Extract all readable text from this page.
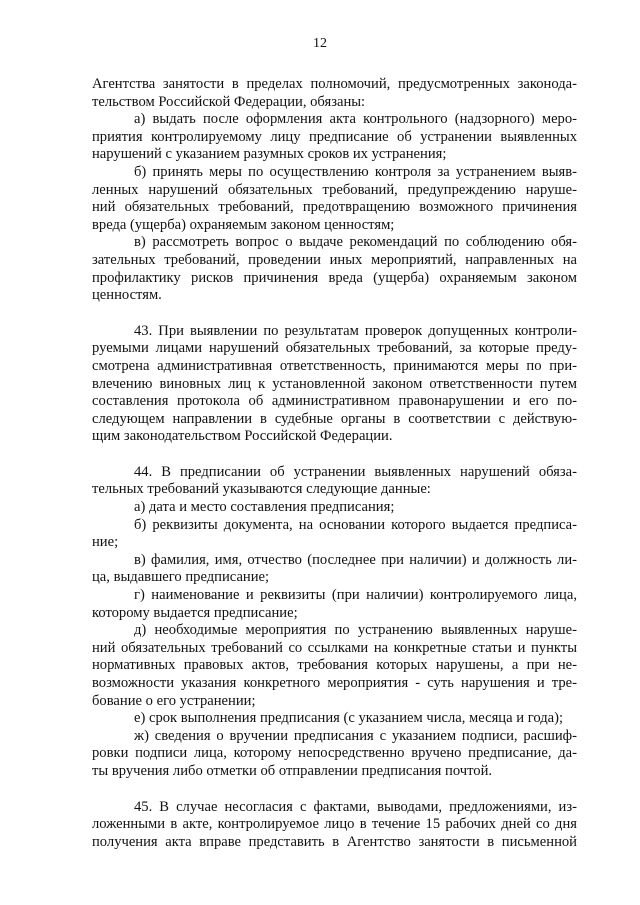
12
Агентства занятости в пределах полномочий, предусмотренных законода-
тельством Российской Федерации, обязаны:
а) выдать после оформления акта контрольного (надзорного) меро-
приятия контролируемому лицу предписание об устранении выявленных
нарушений с указанием разумных сроков их устранения;
б) принять меры по осуществлению контроля за устранением выяв-
ленных нарушений обязательных требований, предупреждению наруше-
ний обязательных требований, предотвращению возможного причинения
вреда (ущерба) охраняемым законом ценностям;
в) рассмотреть вопрос о выдаче рекомендаций по соблюдению обя-
зательных требований, проведении иных мероприятий, направленных на
профилактику рисков причинения вреда (ущерба) охраняемым законом
ценностям.
43. При выявлении по результатам проверок допущенных контроли-
руемыми лицами нарушений обязательных требований, за которые преду-
смотрена административная ответственность, принимаются меры по при-
влечению виновных лиц к установленной законом ответственности путем
составления протокола об административном правонарушении и его по-
следующем направлении в судебные органы в соответствии с действую-
щим законодательством Российской Федерации.
44. В предписании об устранении выявленных нарушений обяза-
тельных требований указываются следующие данные:
а) дата и место составления предписания;
б) реквизиты документа, на основании которого выдается предписа-
ние;
в) фамилия, имя, отчество (последнее при наличии) и должность ли-
ца, выдавшего предписание;
г) наименование и реквизиты (при наличии) контролируемого лица,
которому выдается предписание;
д) необходимые мероприятия по устранению выявленных наруше-
ний обязательных требований со ссылками на конкретные статьи и пункты
нормативных правовых актов, требования которых нарушены, а при не-
возможности указания конкретного мероприятия - суть нарушения и тре-
бование о его устранении;
е) срок выполнения предписания (с указанием числа, месяца и года);
ж) сведения о вручении предписания с указанием подписи, расшиф-
ровки подписи лица, которому непосредственно вручено предписание, да-
ты вручения либо отметки об отправлении предписания почтой.
45. В случае несогласия с фактами, выводами, предложениями, из-
ложенными в акте, контролируемое лицо в течение 15 рабочих дней со дня
получения акта вправе представить в Агентство занятости в письменной
